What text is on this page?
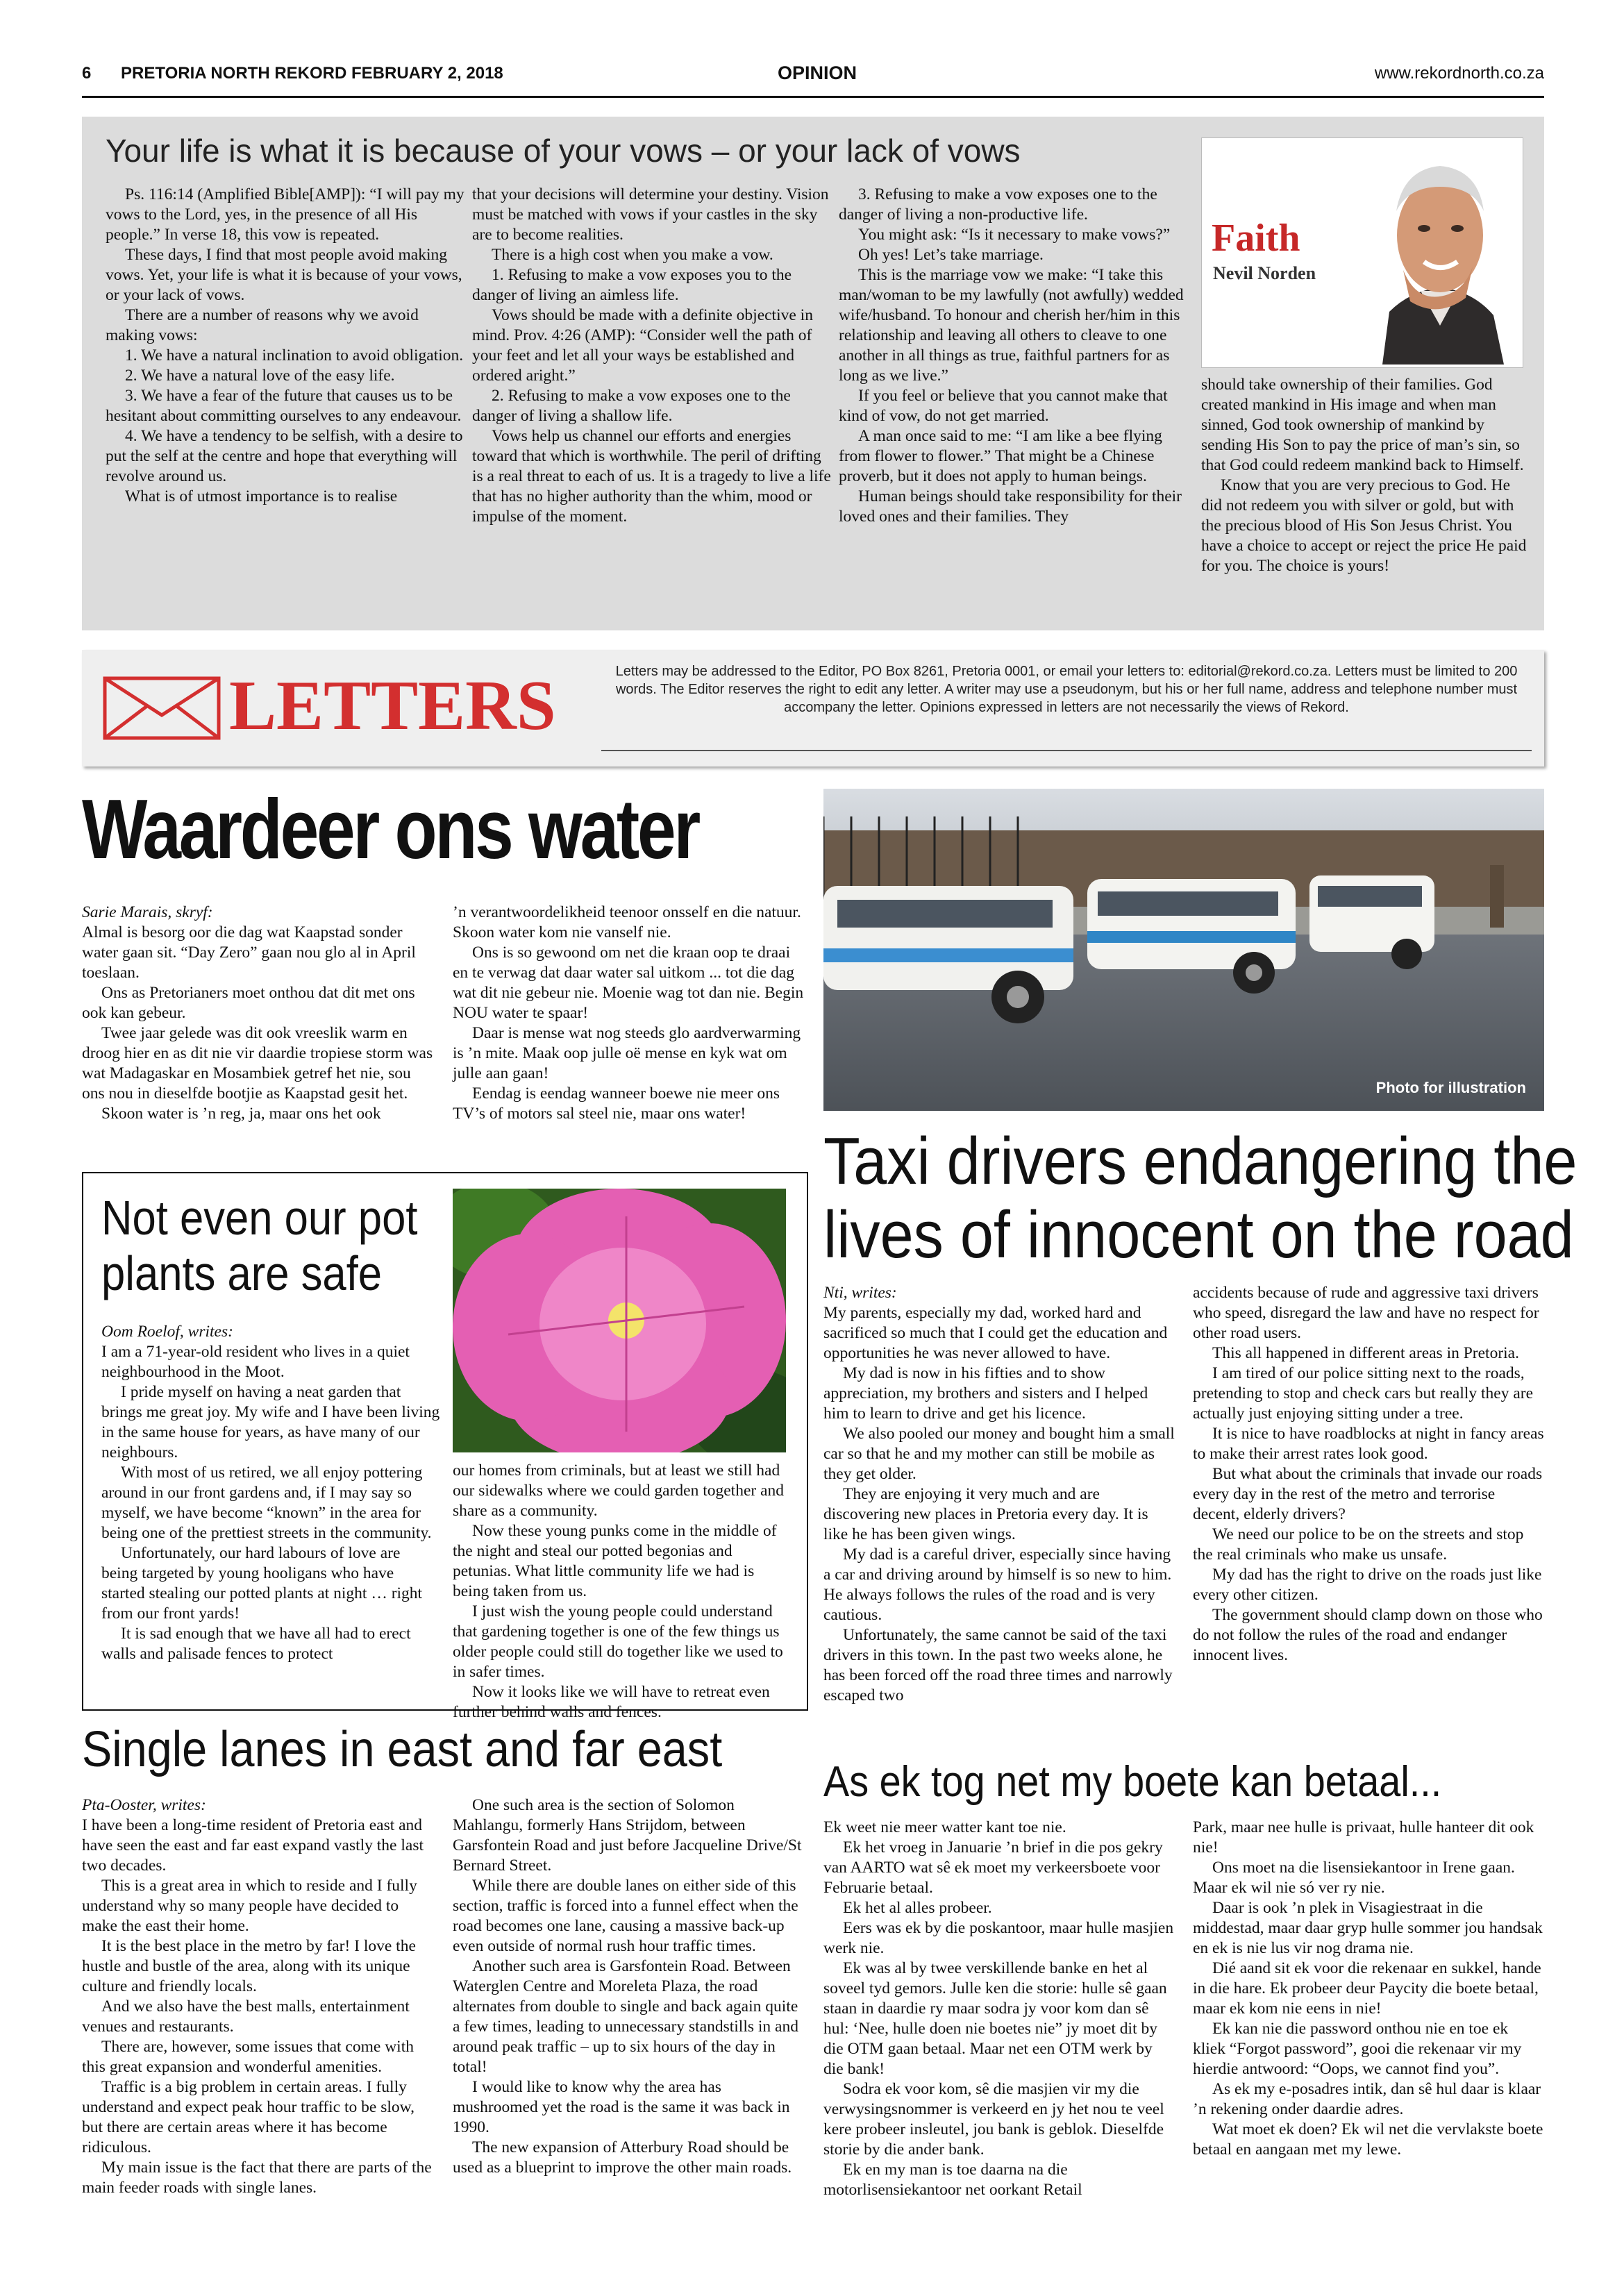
6 PRETORIA NORTH REKORD FEBRUARY 2, 2018	OPINION	www.rekordnorth.co.za
Your life is what it is because of your vows – or your lack of vows

Ps. 116:14 (Amplified Bible[AMP]): “I will pay my vows to the Lord, yes, in the presence of all His people.” In verse 18, this vow is repeated.

These days, I find that most people avoid making vows. Yet, your life is what it is because of your vows, or your lack of vows.

There are a number of reasons why we avoid making vows:

1. We have a natural inclination to avoid obligation.

2. We have a natural love of the easy life.

3. We have a fear of the future that causes us to be hesitant about committing ourselves to any endeavour.

4. We have a tendency to be selfish, with a desire to put the self at the centre and hope that everything will revolve around us.

What is of utmost importance is to realise

that your decisions will determine your destiny. Vision must be matched with vows if your castles in the sky are to become realities.

There is a high cost when you make a vow.

1. Refusing to make a vow exposes you to the danger of living an aimless life.

Vows should be made with a definite objective in mind. Prov. 4:26 (AMP): “Consider well the path of your feet and let all your ways be established and ordered aright.”

2. Refusing to make a vow exposes one to the danger of living a shallow life.

Vows help us channel our efforts and energies toward that which is worthwhile. The peril of drifting is a real threat to each of us. It is a tragedy to live a life that has no higher authority than the whim, mood or impulse of the moment.

3. Refusing to make a vow exposes one to the danger of living a non-productive life.

You might ask: “Is it necessary to make vows?”

Oh yes! Let’s take marriage.

This is the marriage vow we make: “I take this man/woman to be my lawfully (not awfully) wedded wife/husband. To honour and cherish her/him in this relationship and leaving all others to cleave to one another in all things as true, faithful partners for as long as we live.”

If you feel or believe that you cannot make that kind of vow, do not get married.

A man once said to me: “I am like a bee flying from flower to flower.” That might be a Chinese proverb, but it does not apply to human beings.

Human beings should take responsibility for their loved ones and their families. They

Faith
Nevil Norden

should take ownership of their families. God created mankind in His image and when man sinned, God took ownership of mankind by sending His Son to pay the price of man’s sin, so that God could redeem mankind back to Himself.

Know that you are very precious to God. He did not redeem you with silver or gold, but with the precious blood of His Son Jesus Christ. You have a choice to accept or reject the price He paid for you. The choice is yours!

LETTERS	Letters may be addressed to the Editor, PO Box 8261, Pretoria 0001, or email your letters to: editorial@rekord.co.za. Letters must be limited to 200 words. The Editor reserves the right to edit any letter. A writer may use a pseudonym, but his or her full name, address and telephone number must accompany the letter. Opinions expressed in letters are not necessarily the views of Rekord.
Waardeer ons water

Sarie Marais, skryf:

Almal is besorg oor die dag wat Kaapstad sonder water gaan sit. “Day Zero” gaan nou glo al in April toeslaan.

Ons as Pretorianers moet onthou dat dit met ons ook kan gebeur.

Twee jaar gelede was dit ook vreeslik warm en droog hier en as dit nie vir daardie tropiese storm was wat Madagaskar en Mosambiek getref het nie, sou ons nou in dieselfde bootjie as Kaapstad gesit het.

Skoon water is ’n reg, ja, maar ons het ook

’n verantwoordelikheid teenoor onsself en die natuur. Skoon water kom nie vanself nie.

Ons is so gewoond om net die kraan oop te draai en te verwag dat daar water sal uitkom ... tot die dag wat dit nie gebeur nie. Moenie wag tot dan nie. Begin NOU water te spaar!

Daar is mense wat nog steeds glo aardverwarming is ’n mite. Maak oop julle oë mense en kyk wat om julle aan gaan!

Eendag is eendag wanneer boewe nie meer ons TV’s of motors sal steel nie, maar ons water!

Photo for illustration
Not even our pot
plants are safe

Oom Roelof, writes:

I am a 71-year-old resident who lives in a quiet neighbourhood in the Moot.

I pride myself on having a neat garden that brings me great joy. My wife and I have been living in the same house for years, as have many of our neighbours.

With most of us retired, we all enjoy pottering around in our front gardens and, if I may say so myself, we have become “known” in the area for being one of the prettiest streets in the community.

Unfortunately, our hard labours of love are being targeted by young hooligans who have started stealing our potted plants at night … right from our front yards!

It is sad enough that we have all had to erect walls and palisade fences to protect

our homes from criminals, but at least we still had our sidewalks where we could garden together and share as a community.

Now these young punks come in the middle of the night and steal our potted begonias and petunias. What little community life we had is being taken from us.

I just wish the young people could understand that gardening together is one of the few things us older people could still do together like we used to in safer times.

Now it looks like we will have to retreat even further behind walls and fences.

Taxi drivers endangering the
lives of innocent on the road

Nti, writes:

My parents, especially my dad, worked hard and sacrificed so much that I could get the education and opportunities he was never allowed to have.

My dad is now in his fifties and to show appreciation, my brothers and sisters and I helped him to learn to drive and get his licence.

We also pooled our money and bought him a small car so that he and my mother can still be mobile as they get older.

They are enjoying it very much and are discovering new places in Pretoria every day. It is like he has been given wings.

My dad is a careful driver, especially since having a car and driving around by himself is so new to him. He always follows the rules of the road and is very cautious.

Unfortunately, the same cannot be said of the taxi drivers in this town. In the past two weeks alone, he has been forced off the road three times and narrowly escaped two

accidents because of rude and aggressive taxi drivers who speed, disregard the law and have no respect for other road users.

This all happened in different areas in Pretoria.

I am tired of our police sitting next to the roads, pretending to stop and check cars but really they are actually just enjoying sitting under a tree.

It is nice to have roadblocks at night in fancy areas to make their arrest rates look good.

But what about the criminals that invade our roads every day in the rest of the metro and terrorise decent, elderly drivers?

We need our police to be on the streets and stop the real criminals who make us unsafe.

My dad has the right to drive on the roads just like every other citizen.

The government should clamp down on those who do not follow the rules of the road and endanger innocent lives.

Single lanes in east and far east

Pta-Ooster, writes:

I have been a long-time resident of Pretoria east and have seen the east and far east expand vastly the last two decades.

This is a great area in which to reside and I fully understand why so many people have decided to make the east their home.

It is the best place in the metro by far! I love the hustle and bustle of the area, along with its unique culture and friendly locals.

And we also have the best malls, entertainment venues and restaurants.

There are, however, some issues that come with this great expansion and wonderful amenities.

Traffic is a big problem in certain areas. I fully understand and expect peak hour traffic to be slow, but there are certain areas where it has become ridiculous.

My main issue is the fact that there are parts of the main feeder roads with single lanes.

One such area is the section of Solomon Mahlangu, formerly Hans Strijdom, between Garsfontein Road and just before Jacqueline Drive/St Bernard Street.

While there are double lanes on either side of this section, traffic is forced into a funnel effect when the road becomes one lane, causing a massive back-up even outside of normal rush hour traffic times.

Another such area is Garsfontein Road. Between Waterglen Centre and Moreleta Plaza, the road alternates from double to single and back again quite a few times, leading to unnecessary standstills in and around peak traffic – up to six hours of the day in total!

I would like to know why the area has mushroomed yet the road is the same it was back in 1990.

The new expansion of Atterbury Road should be used as a blueprint to improve the other main roads.

As ek tog net my boete kan betaal...

Ek weet nie meer watter kant toe nie.

Ek het vroeg in Januarie ’n brief in die pos gekry van AARTO wat sê ek moet my verkeersboete voor Februarie betaal.

Ek het al alles probeer.

Eers was ek by die poskantoor, maar hulle masjien werk nie.

Ek was al by twee verskillende banke en het al soveel tyd gemors. Julle ken die storie: hulle sê gaan staan in daardie ry maar sodra jy voor kom dan sê hul: ‘Nee, hulle doen nie boetes nie” jy moet dit by die OTM gaan betaal. Maar net een OTM werk by die bank!

Sodra ek voor kom, sê die masjien vir my die verwysingsnommer is verkeerd en jy het nou te veel kere probeer insleutel, jou bank is geblok. Dieselfde storie by die ander bank.

Ek en my man is toe daarna na die motorlisensiekantoor net oorkant Retail

Park, maar nee hulle is privaat, hulle hanteer dit ook nie!

Ons moet na die lisensiekantoor in Irene gaan. Maar ek wil nie só ver ry nie.

Daar is ook ’n plek in Visagiestraat in die middestad, maar daar gryp hulle sommer jou handsak en ek is nie lus vir nog drama nie.

Dié aand sit ek voor die rekenaar en sukkel, hande in die hare. Ek probeer deur Paycity die boete betaal, maar ek kom nie eens in nie!

Ek kan nie die password onthou nie en toe ek kliek “Forgot password”, gooi die rekenaar vir my hierdie antwoord: “Oops, we cannot find you”.

As ek my e-posadres intik, dan sê hul daar is klaar ’n rekening onder daardie adres.

Wat moet ek doen? Ek wil net die vervlakste boete betaal en aangaan met my lewe.
